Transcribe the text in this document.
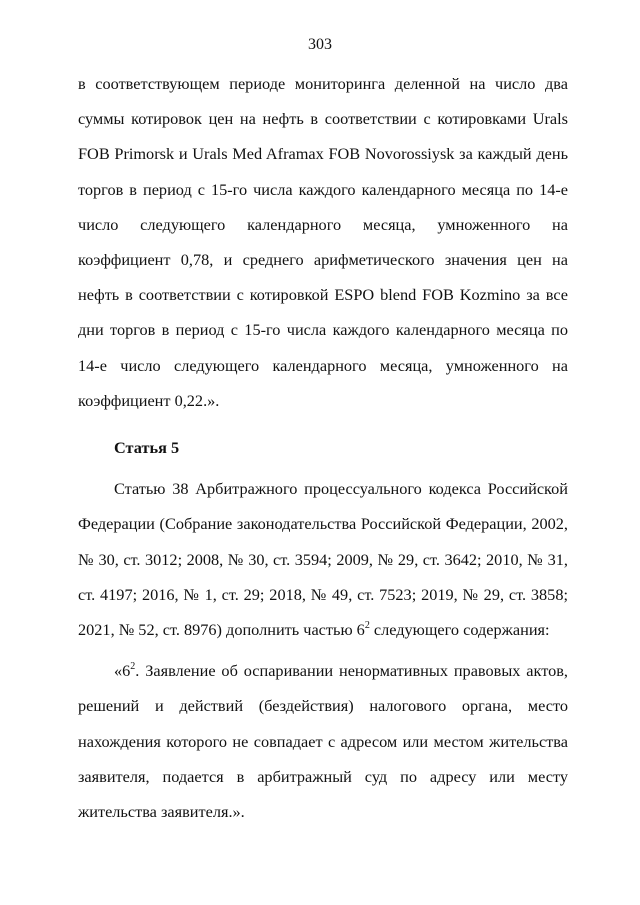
303

в соответствующем периоде мониторинга деленной на число два суммы котировок цен на нефть в соответствии с котировками Urals FOB Primorsk и Urals Med Aframax FOB Novorossiysk за каждый день торгов в период с 15-го числа каждого календарного месяца по 14-е число следующего календарного месяца, умноженного на коэффициент 0,78, и среднего арифметического значения цен на нефть в соответствии с котировкой ESPO blend FOB Kozmino за все дни торгов в период с 15-го числа каждого календарного месяца по 14-е число следующего календарного месяца, умноженного на коэффициент 0,22.».

Статья 5

Статью 38 Арбитражного процессуального кодекса Российской Федерации (Собрание законодательства Российской Федерации, 2002, № 30, ст. 3012; 2008, № 30, ст. 3594; 2009, № 29, ст. 3642; 2010, № 31, ст. 4197; 2016, № 1, ст. 29; 2018, № 49, ст. 7523; 2019, № 29, ст. 3858; 2021, № 52, ст. 8976) дополнить частью $6^2$ следующего содержания:

«$6^2$. Заявление об оспаривании ненормативных правовых актов, решений и действий (бездействия) налогового органа, место нахождения которого не совпадает с адресом или местом жительства заявителя, подается в арбитражный суд по адресу или месту жительства заявителя.».
